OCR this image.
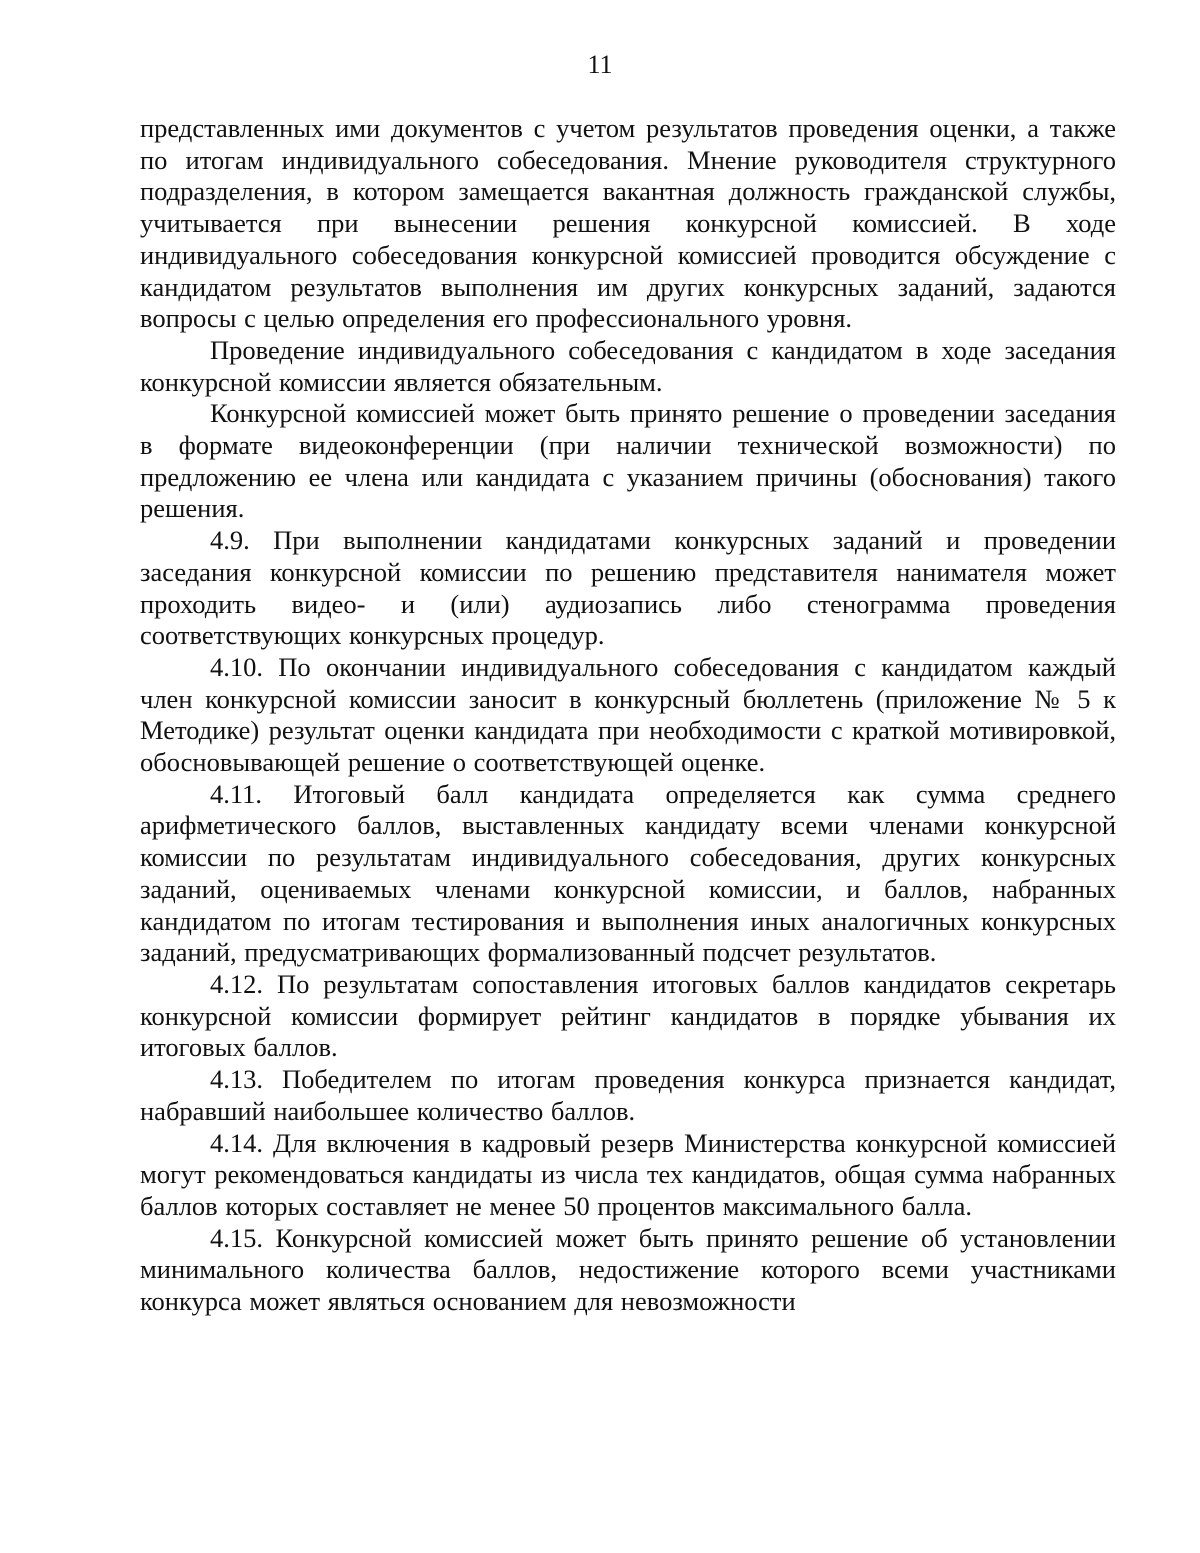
11

представленных ими документов с учетом результатов проведения оценки, а также по итогам индивидуального собеседования. Мнение руководителя структурного подразделения, в котором замещается вакантная должность гражданской службы, учитывается при вынесении решения конкурсной комиссией. В ходе индивидуального собеседования конкурсной комиссией проводится обсуждение с кандидатом результатов выполнения им других конкурсных заданий, задаются вопросы с целью определения его профессионального уровня.

Проведение индивидуального собеседования с кандидатом в ходе заседания конкурсной комиссии является обязательным.

Конкурсной комиссией может быть принято решение о проведении заседания в формате видеоконференции (при наличии технической возможности) по предложению ее члена или кандидата с указанием причины (обоснования) такого решения.

4.9. При выполнении кандидатами конкурсных заданий и проведении заседания конкурсной комиссии по решению представителя нанимателя может проходить видео- и (или) аудиозапись либо стенограмма проведения соответствующих конкурсных процедур.

4.10. По окончании индивидуального собеседования с кандидатом каждый член конкурсной комиссии заносит в конкурсный бюллетень (приложение № 5 к Методике) результат оценки кандидата при необходимости с краткой мотивировкой, обосновывающей решение о соответствующей оценке.

4.11. Итоговый балл кандидата определяется как сумма среднего арифметического баллов, выставленных кандидату всеми членами конкурсной комиссии по результатам индивидуального собеседования, других конкурсных заданий, оцениваемых членами конкурсной комиссии, и баллов, набранных кандидатом по итогам тестирования и выполнения иных аналогичных конкурсных заданий, предусматривающих формализованный подсчет результатов.

4.12. По результатам сопоставления итоговых баллов кандидатов секретарь конкурсной комиссии формирует рейтинг кандидатов в порядке убывания их итоговых баллов.

4.13. Победителем по итогам проведения конкурса признается кандидат, набравший наибольшее количество баллов.

4.14. Для включения в кадровый резерв Министерства конкурсной комиссией могут рекомендоваться кандидаты из числа тех кандидатов, общая сумма набранных баллов которых составляет не менее 50 процентов максимального балла.

4.15. Конкурсной комиссией может быть принято решение об установлении минимального количества баллов, недостижение которого всеми участниками конкурса может являться основанием для невозможности
